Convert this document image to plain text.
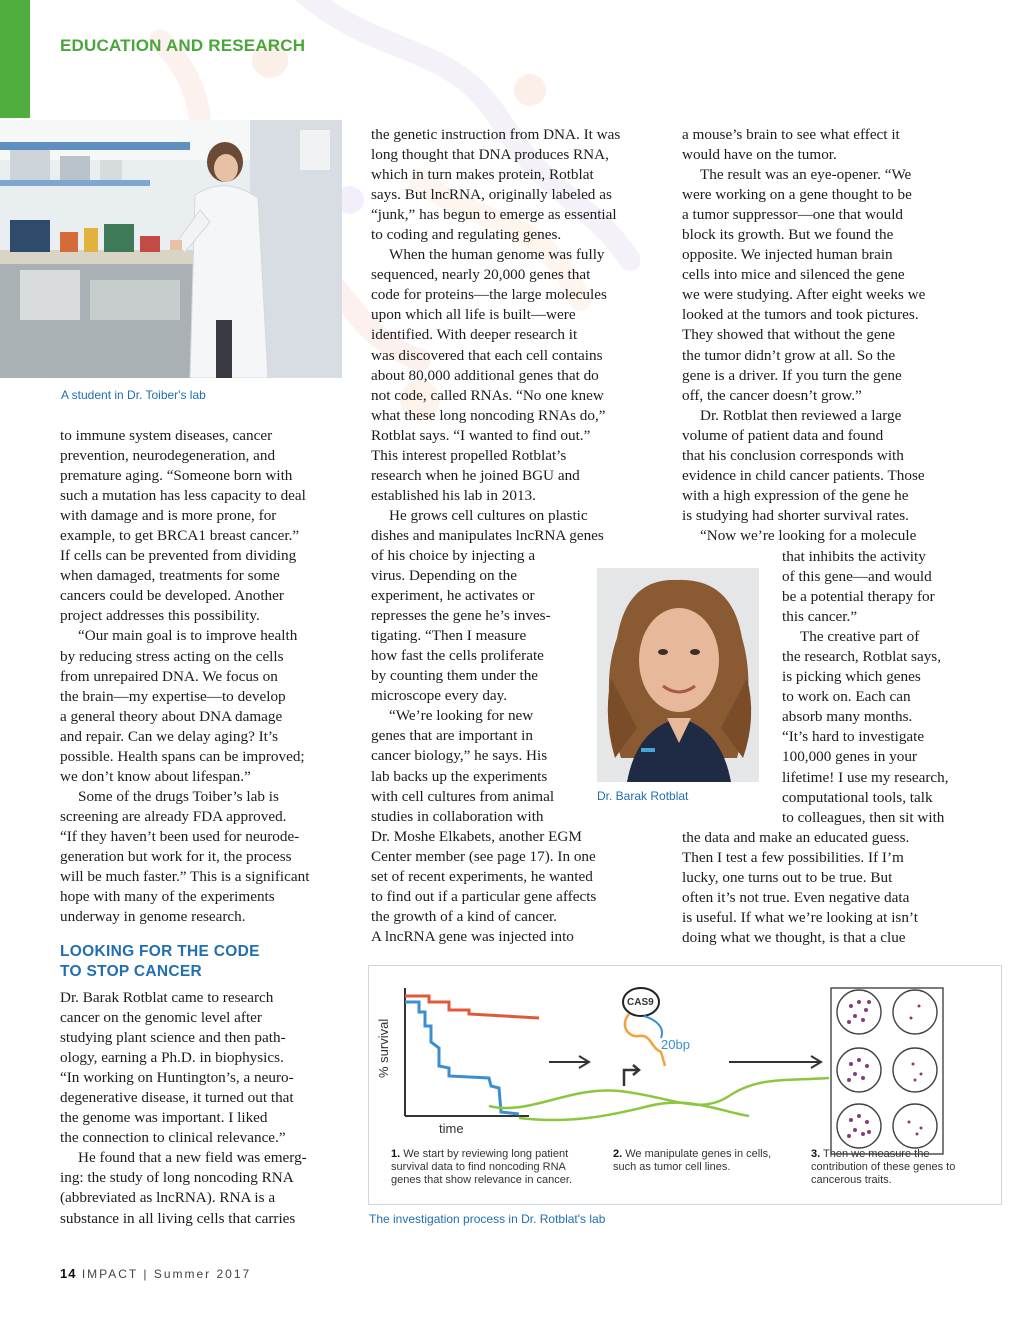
EDUCATION AND RESEARCH
A student in Dr. Toiber's lab

to immune system diseases, cancer
prevention, neurodegeneration, and
premature aging. “Someone born with
such a mutation has less capacity to deal
with damage and is more prone, for
example, to get BRCA1 breast cancer.”
If cells can be prevented from dividing
when damaged, treatments for some
cancers could be developed. Another
project addresses this possibility.

“Our main goal is to improve health
by reducing stress acting on the cells
from unrepaired DNA. We focus on
the brain—my expertise—to develop
a general theory about DNA damage
and repair. Can we delay aging? It’s
possible. Health spans can be improved;
we don’t know about lifespan.”

Some of the drugs Toiber’s lab is
screening are already FDA approved.
“If they haven’t been used for neurode-
generation but work for it, the process
will be much faster.” This is a significant
hope with many of the experiments
underway in genome research.

LOOKING FOR THE CODE
TO STOP CANCER

Dr. Barak Rotblat came to research
cancer on the genomic level after
studying plant science and then path-
ology, earning a Ph.D. in biophysics.
“In working on Huntington’s, a neuro-
degenerative disease, it turned out that
the genome was important. I liked
the connection to clinical relevance.”

He found that a new field was emerg-
ing: the study of long noncoding RNA
(abbreviated as lncRNA). RNA is a
substance in all living cells that carries

the genetic instruction from DNA. It was
long thought that DNA produces RNA,
which in turn makes protein, Rotblat
says. But lncRNA, originally labeled as
“junk,” has begun to emerge as essential
to coding and regulating genes.

When the human genome was fully
sequenced, nearly 20,000 genes that
code for proteins—the large molecules
upon which all life is built—were
identified. With deeper research it
was discovered that each cell contains
about 80,000 additional genes that do
not code, called RNAs. “No one knew
what these long noncoding RNAs do,”
Rotblat says. “I wanted to find out.”
This interest propelled Rotblat’s
research when he joined BGU and
established his lab in 2013.

He grows cell cultures on plastic
dishes and manipulates lncRNA genes
of his choice by injecting a
virus. Depending on the
experiment, he activates or
represses the gene he’s inves-
tigating. “Then I measure
how fast the cells proliferate
by counting them under the
microscope every day.

“We’re looking for new
genes that are important in
cancer biology,” he says. His
lab backs up the experiments
with cell cultures from animal
studies in collaboration with
Dr. Moshe Elkabets, another EGM
Center member (see page 17). In one
set of recent experiments, he wanted
to find out if a particular gene affects
the growth of a kind of cancer.
A lncRNA gene was injected into

Dr. Barak Rotblat

a mouse’s brain to see what effect it
would have on the tumor.

The result was an eye-opener. “We
were working on a gene thought to be
a tumor suppressor—one that would
block its growth. But we found the
opposite. We injected human brain
cells into mice and silenced the gene
we were studying. After eight weeks we
looked at the tumors and took pictures.
They showed that without the gene
the tumor didn’t grow at all. So the
gene is a driver. If you turn the gene
off, the cancer doesn’t grow.”

Dr. Rotblat then reviewed a large
volume of patient data and found
that his conclusion corresponds with
evidence in child cancer patients. Those
with a high expression of the gene he
is studying had shorter survival rates.

“Now we’re looking for a molecule

that inhibits the activity
of this gene—and would
be a potential therapy for
this cancer.”

The creative part of
the research, Rotblat says,
is picking which genes
to work on. Each can
absorb many months.
“It’s hard to investigate
100,000 genes in your
lifetime! I use my research,
computational tools, talk
to colleagues, then sit with

the data and make an educated guess.
Then I test a few possibilities. If I’m
lucky, one turns out to be true. But
often it’s not true. Even negative data
is useful. If what we’re looking at isn’t
doing what we thought, is that a clue

% survival
time
CAS9
20bp
1. We start by reviewing long patient survival data to find noncoding RNA genes that show relevance in cancer.
2. We manipulate genes in cells, such as tumor cell lines.
3. Then we measure the contribution of these genes to cancerous traits.
The investigation process in Dr. Rotblat's lab
14 IMPACT | Summer 2017
